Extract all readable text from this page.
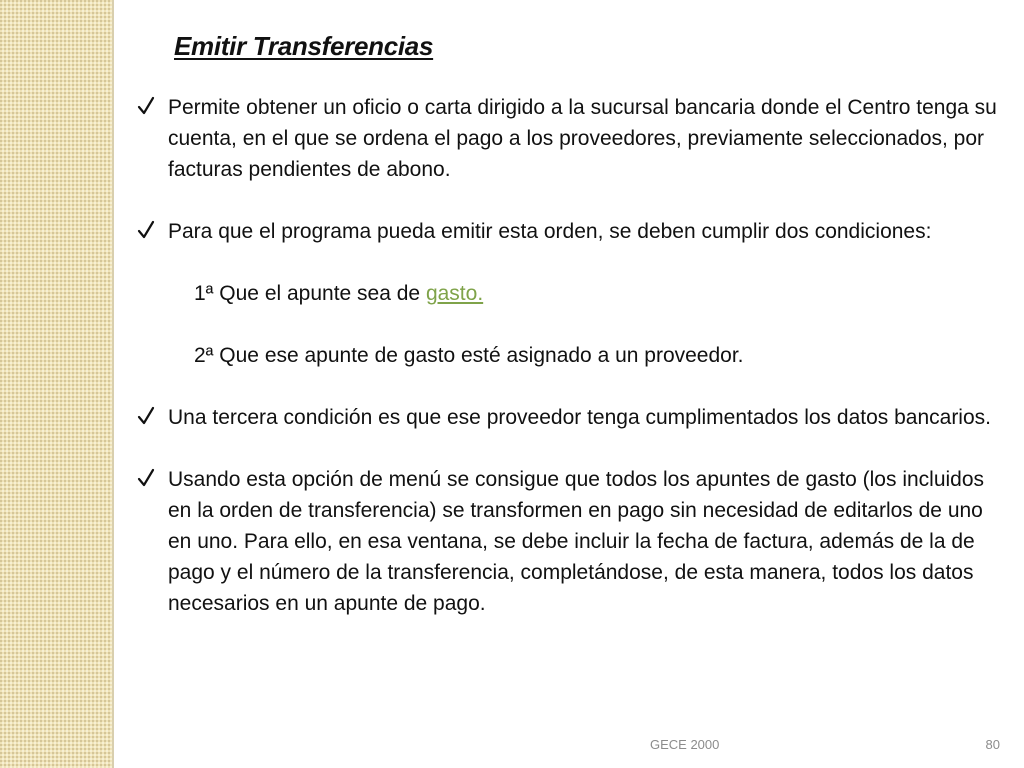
Emitir Transferencias
Permite obtener un oficio o carta dirigido a la sucursal bancaria donde el Centro tenga su cuenta, en el que se ordena el pago a los proveedores, previamente seleccionados, por facturas pendientes de abono.
Para que el programa pueda emitir esta orden, se deben cumplir dos condiciones:
1ª Que el apunte sea de gasto.
2ª Que ese apunte de gasto esté asignado a un proveedor.
Una tercera condición es que ese proveedor tenga cumplimentados los datos bancarios.
Usando esta opción de menú se consigue que todos los apuntes de gasto (los incluidos en la orden de transferencia) se transformen en pago sin necesidad de editarlos de uno en uno. Para ello, en esa ventana, se debe incluir la fecha de factura, además de la de pago y el número de la transferencia, completándose, de esta manera, todos los datos necesarios en un apunte de pago.
GECE 2000	80
